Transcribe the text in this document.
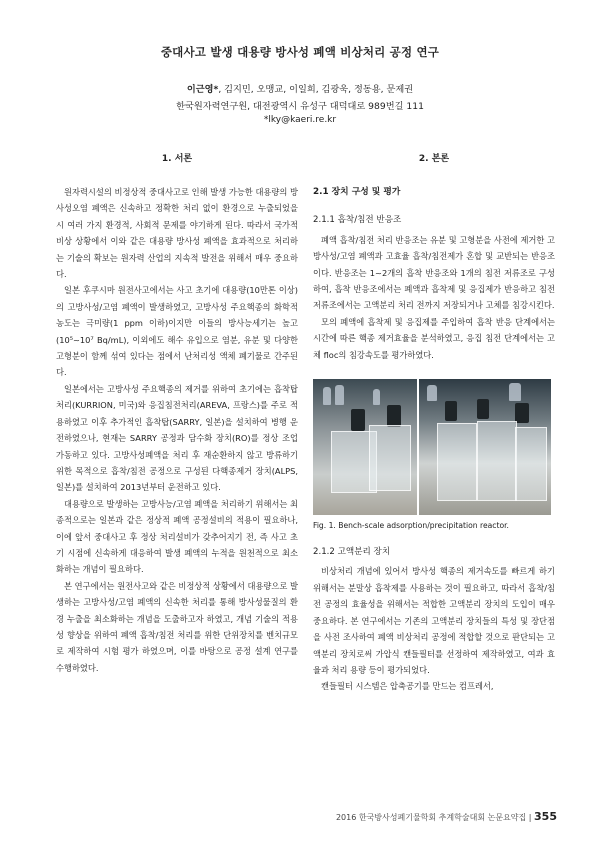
중대사고 발생 대용량 방사성 폐액 비상처리 공정 연구
이근영*, 김지민, 오맹교, 이일희, 김광욱, 정동용, 문제권
한국원자력연구원, 대전광역시 유성구 대덕대로 989번길 111
*lky@kaeri.re.kr
1. 서론

원자력시설의 비정상적 중대사고로 인해 발생 가능한 대용량의 방사성오염 폐액은 신속하고 정확한 처리 없이 환경으로 누출되었을 시 여러 가지 환경적, 사회적 문제를 야기하게 된다. 따라서 국가적 비상 상황에서 이와 같은 대용량 방사성 폐액을 효과적으로 처리하는 기술의 확보는 원자력 산업의 지속적 발전을 위해서 매우 중요하다.

일본 후쿠시마 원전사고에서는 사고 초기에 대용량(10만톤 이상)의 고방사성/고염 폐액이 발생하였고, 고방사성 주요핵종의 화학적 농도는 극미량(1 ppm 이하)이지만 이들의 방사능세기는 높고 (10⁵~10⁷ Bq/mL), 이외에도 해수 유입으로 염분, 유분 및 다양한 고형분이 함께 섞여 있다는 점에서 난처리성 액체 폐기물로 간주된다.

일본에서는 고방사성 주요핵종의 제거를 위하여 초기에는 흡착탑 처리(KURRION, 미국)와 응집침전처리(AREVA, 프랑스)를 주로 적용하였고 이후 추가적인 흡착탑(SARRY, 일본)을 설치하여 병행 운전하였으나, 현재는 SARRY 공정과 담수화 장치(RO)를 정상 조업 가동하고 있다. 고방사성폐액을 처리 후 재순환하지 않고 방류하기 위한 목적으로 흡착/침전 공정으로 구성된 다핵종제거 장치(ALPS, 일본)를 설치하여 2013년부터 운전하고 있다.

대용량으로 발생하는 고방사능/고염 폐액을 처리하기 위해서는 최종적으로는 일본과 같은 정상적 폐액 공정설비의 적용이 필요하나, 이에 앞서 중대사고 후 정상 처리설비가 갖추어지기 전, 즉 사고 초기 시점에 신속하게 대응하여 발생 폐액의 누적을 원천적으로 최소화하는 개념이 필요하다.

본 연구에서는 원전사고와 같은 비정상적 상황에서 대용량으로 발생하는 고방사성/고염 폐액의 신속한 처리를 통해 방사성물질의 환경 누출을 최소화하는 개념을 도출하고자 하였고, 개념 기술의 적용성 향상을 위하여 폐액 흡착/침전 처리를 위한 단위장치를 벤치규모로 제작하여 시험 평가 하였으며, 이를 바탕으로 공정 설계 연구를 수행하였다.

2. 본론
2.1 장치 구성 및 평가
2.1.1 흡착/침전 반응조

폐액 흡착/침전 처리 반응조는 유분 및 고형분을 사전에 제거한 고방사성/고염 폐액과 고효율 흡착/침전제가 혼합 및 교반되는 반응조이다. 반응조는 1~2개의 흡착 반응조와 1개의 침전 저류조로 구성하여, 흡착 반응조에서는 폐액과 흡착제 및 응집제가 반응하고 침전 저류조에서는 고액분리 처리 전까지 저장되거나 고체를 침강시킨다.

모의 폐액에 흡착제 및 응집제를 주입하여 흡착 반응 단계에서는 시간에 따른 핵종 제거효율을 분석하였고, 응집 침전 단계에서는 고체 floc의 침강속도를 평가하였다.

Fig. 1. Bench-scale adsorption/precipitation reactor.
2.1.2 고액분리 장치

비상처리 개념에 있어서 방사성 핵종의 제거속도를 빠르게 하기 위해서는 분말상 흡착제를 사용하는 것이 필요하고, 따라서 흡착/침전 공정의 효율성을 위해서는 적합한 고액분리 장치의 도입이 매우 중요하다. 본 연구에서는 기존의 고액분리 장치들의 특성 및 장단점을 사전 조사하여 폐액 비상처리 공정에 적합할 것으로 판단되는 고액분리 장치로써 가압식 캔들필터를 선정하여 제작하였고, 여과 효율과 처리 용량 등이 평가되었다.

캔들필터 시스템은 압축공기를 만드는 컴프레서,

2016 한국방사성폐기물학회 추계학술대회 논문요약집 | 355
